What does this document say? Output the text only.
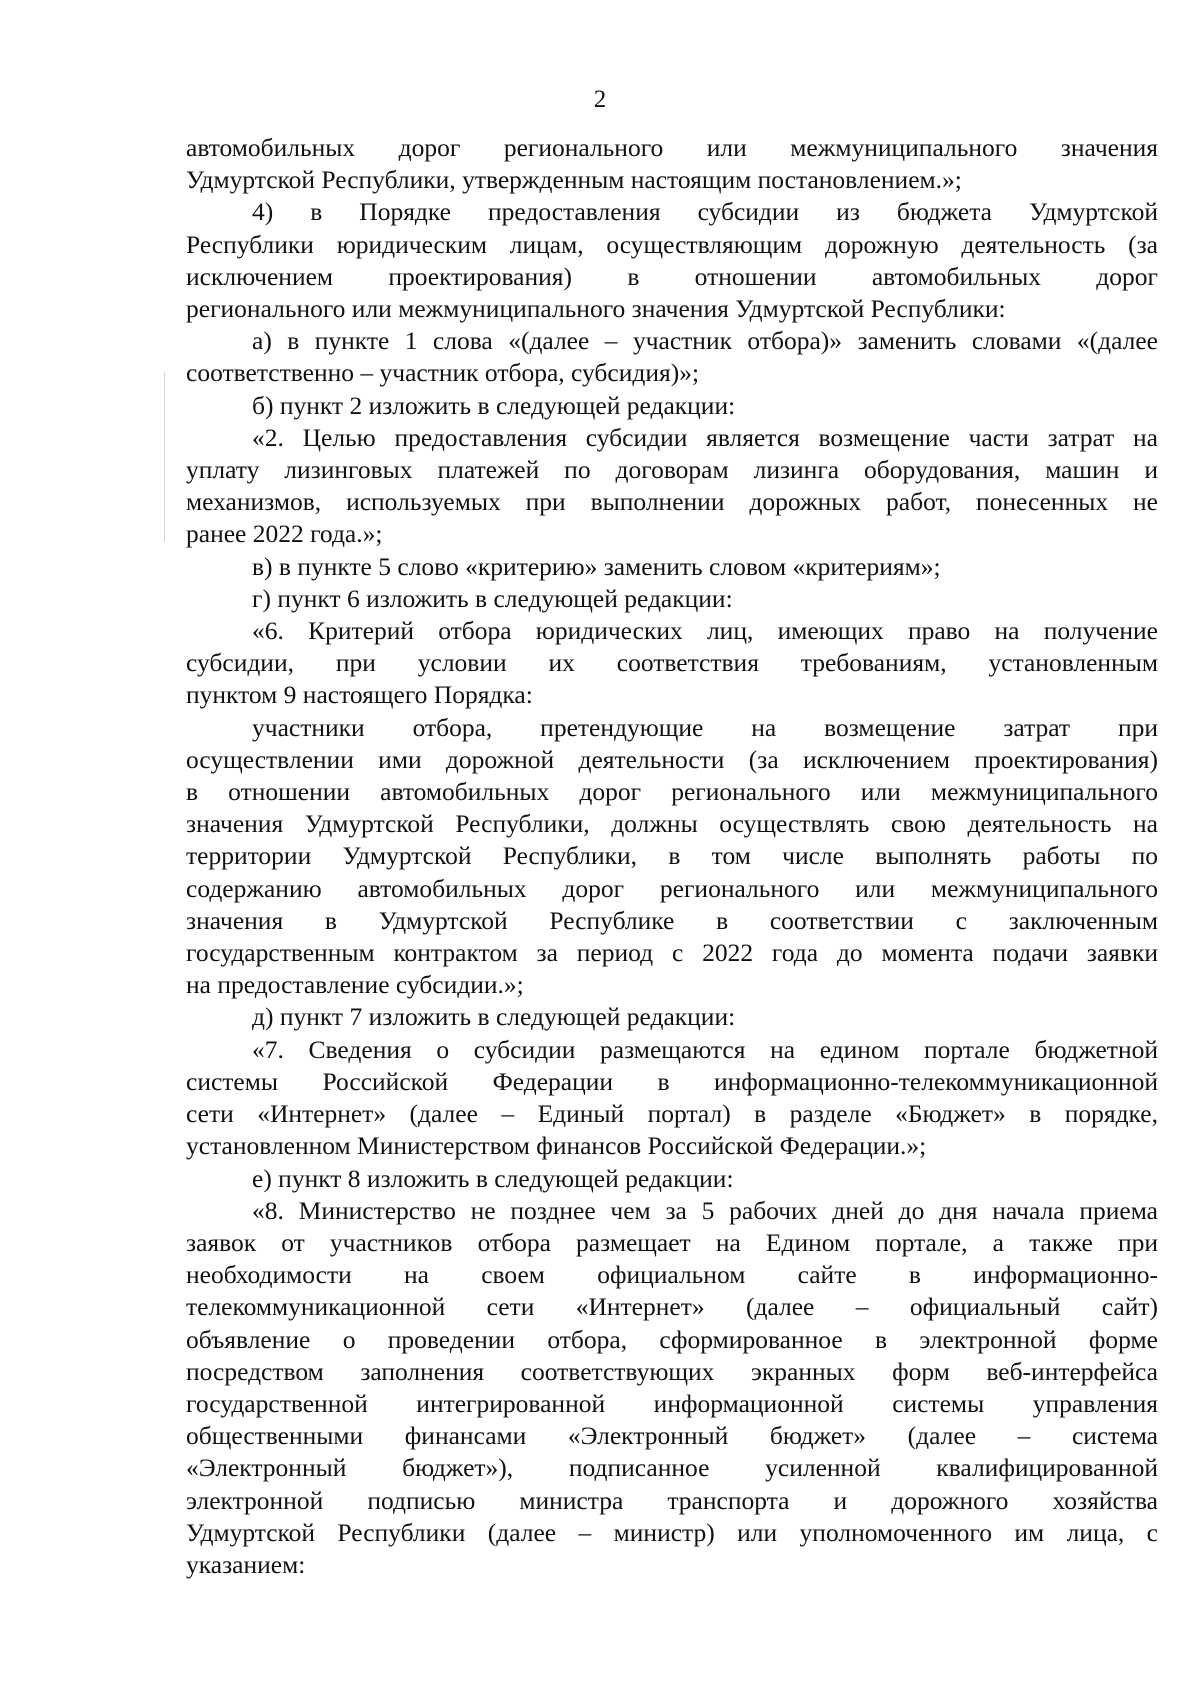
2
автомобильных дорог регионального или межмуниципального значения
Удмуртской Республики, утвержденным настоящим постановлением.»;
4) в Порядке предоставления субсидии из бюджета Удмуртской
Республики юридическим лицам, осуществляющим дорожную деятельность (за
исключением проектирования) в отношении автомобильных дорог
регионального или межмуниципального значения Удмуртской Республики:
а) в пункте 1 слова «(далее – участник отбора)» заменить словами «(далее
соответственно – участник отбора, субсидия)»;
б) пункт 2 изложить в следующей редакции:
«2. Целью предоставления субсидии является возмещение части затрат на
уплату лизинговых платежей по договорам лизинга оборудования, машин и
механизмов, используемых при выполнении дорожных работ, понесенных не
ранее 2022 года.»;
в) в пункте 5 слово «критерию» заменить словом «критериям»;
г) пункт 6 изложить в следующей редакции:
«6. Критерий отбора юридических лиц, имеющих право на получение
субсидии, при условии их соответствия требованиям, установленным
пунктом 9 настоящего Порядка:
участники отбора, претендующие на возмещение затрат при
осуществлении ими дорожной деятельности (за исключением проектирования)
в отношении автомобильных дорог регионального или межмуниципального
значения Удмуртской Республики, должны осуществлять свою деятельность на
территории Удмуртской Республики, в том числе выполнять работы по
содержанию автомобильных дорог регионального или межмуниципального
значения в Удмуртской Республике в соответствии с заключенным
государственным контрактом за период с 2022 года до момента подачи заявки
на предоставление субсидии.»;
д) пункт 7 изложить в следующей редакции:
«7. Сведения о субсидии размещаются на едином портале бюджетной
системы Российской Федерации в информационно-телекоммуникационной
сети «Интернет» (далее – Единый портал) в разделе «Бюджет» в порядке,
установленном Министерством финансов Российской Федерации.»;
е) пункт 8 изложить в следующей редакции:
«8. Министерство не позднее чем за 5 рабочих дней до дня начала приема
заявок от участников отбора размещает на Едином портале, а также при
необходимости на своем официальном сайте в информационно-
телекоммуникационной сети «Интернет» (далее – официальный сайт)
объявление о проведении отбора, сформированное в электронной форме
посредством заполнения соответствующих экранных форм веб-интерфейса
государственной интегрированной информационной системы управления
общественными финансами «Электронный бюджет» (далее – система
«Электронный бюджет»), подписанное усиленной квалифицированной
электронной подписью министра транспорта и дорожного хозяйства
Удмуртской Республики (далее – министр) или уполномоченного им лица, с
указанием:
